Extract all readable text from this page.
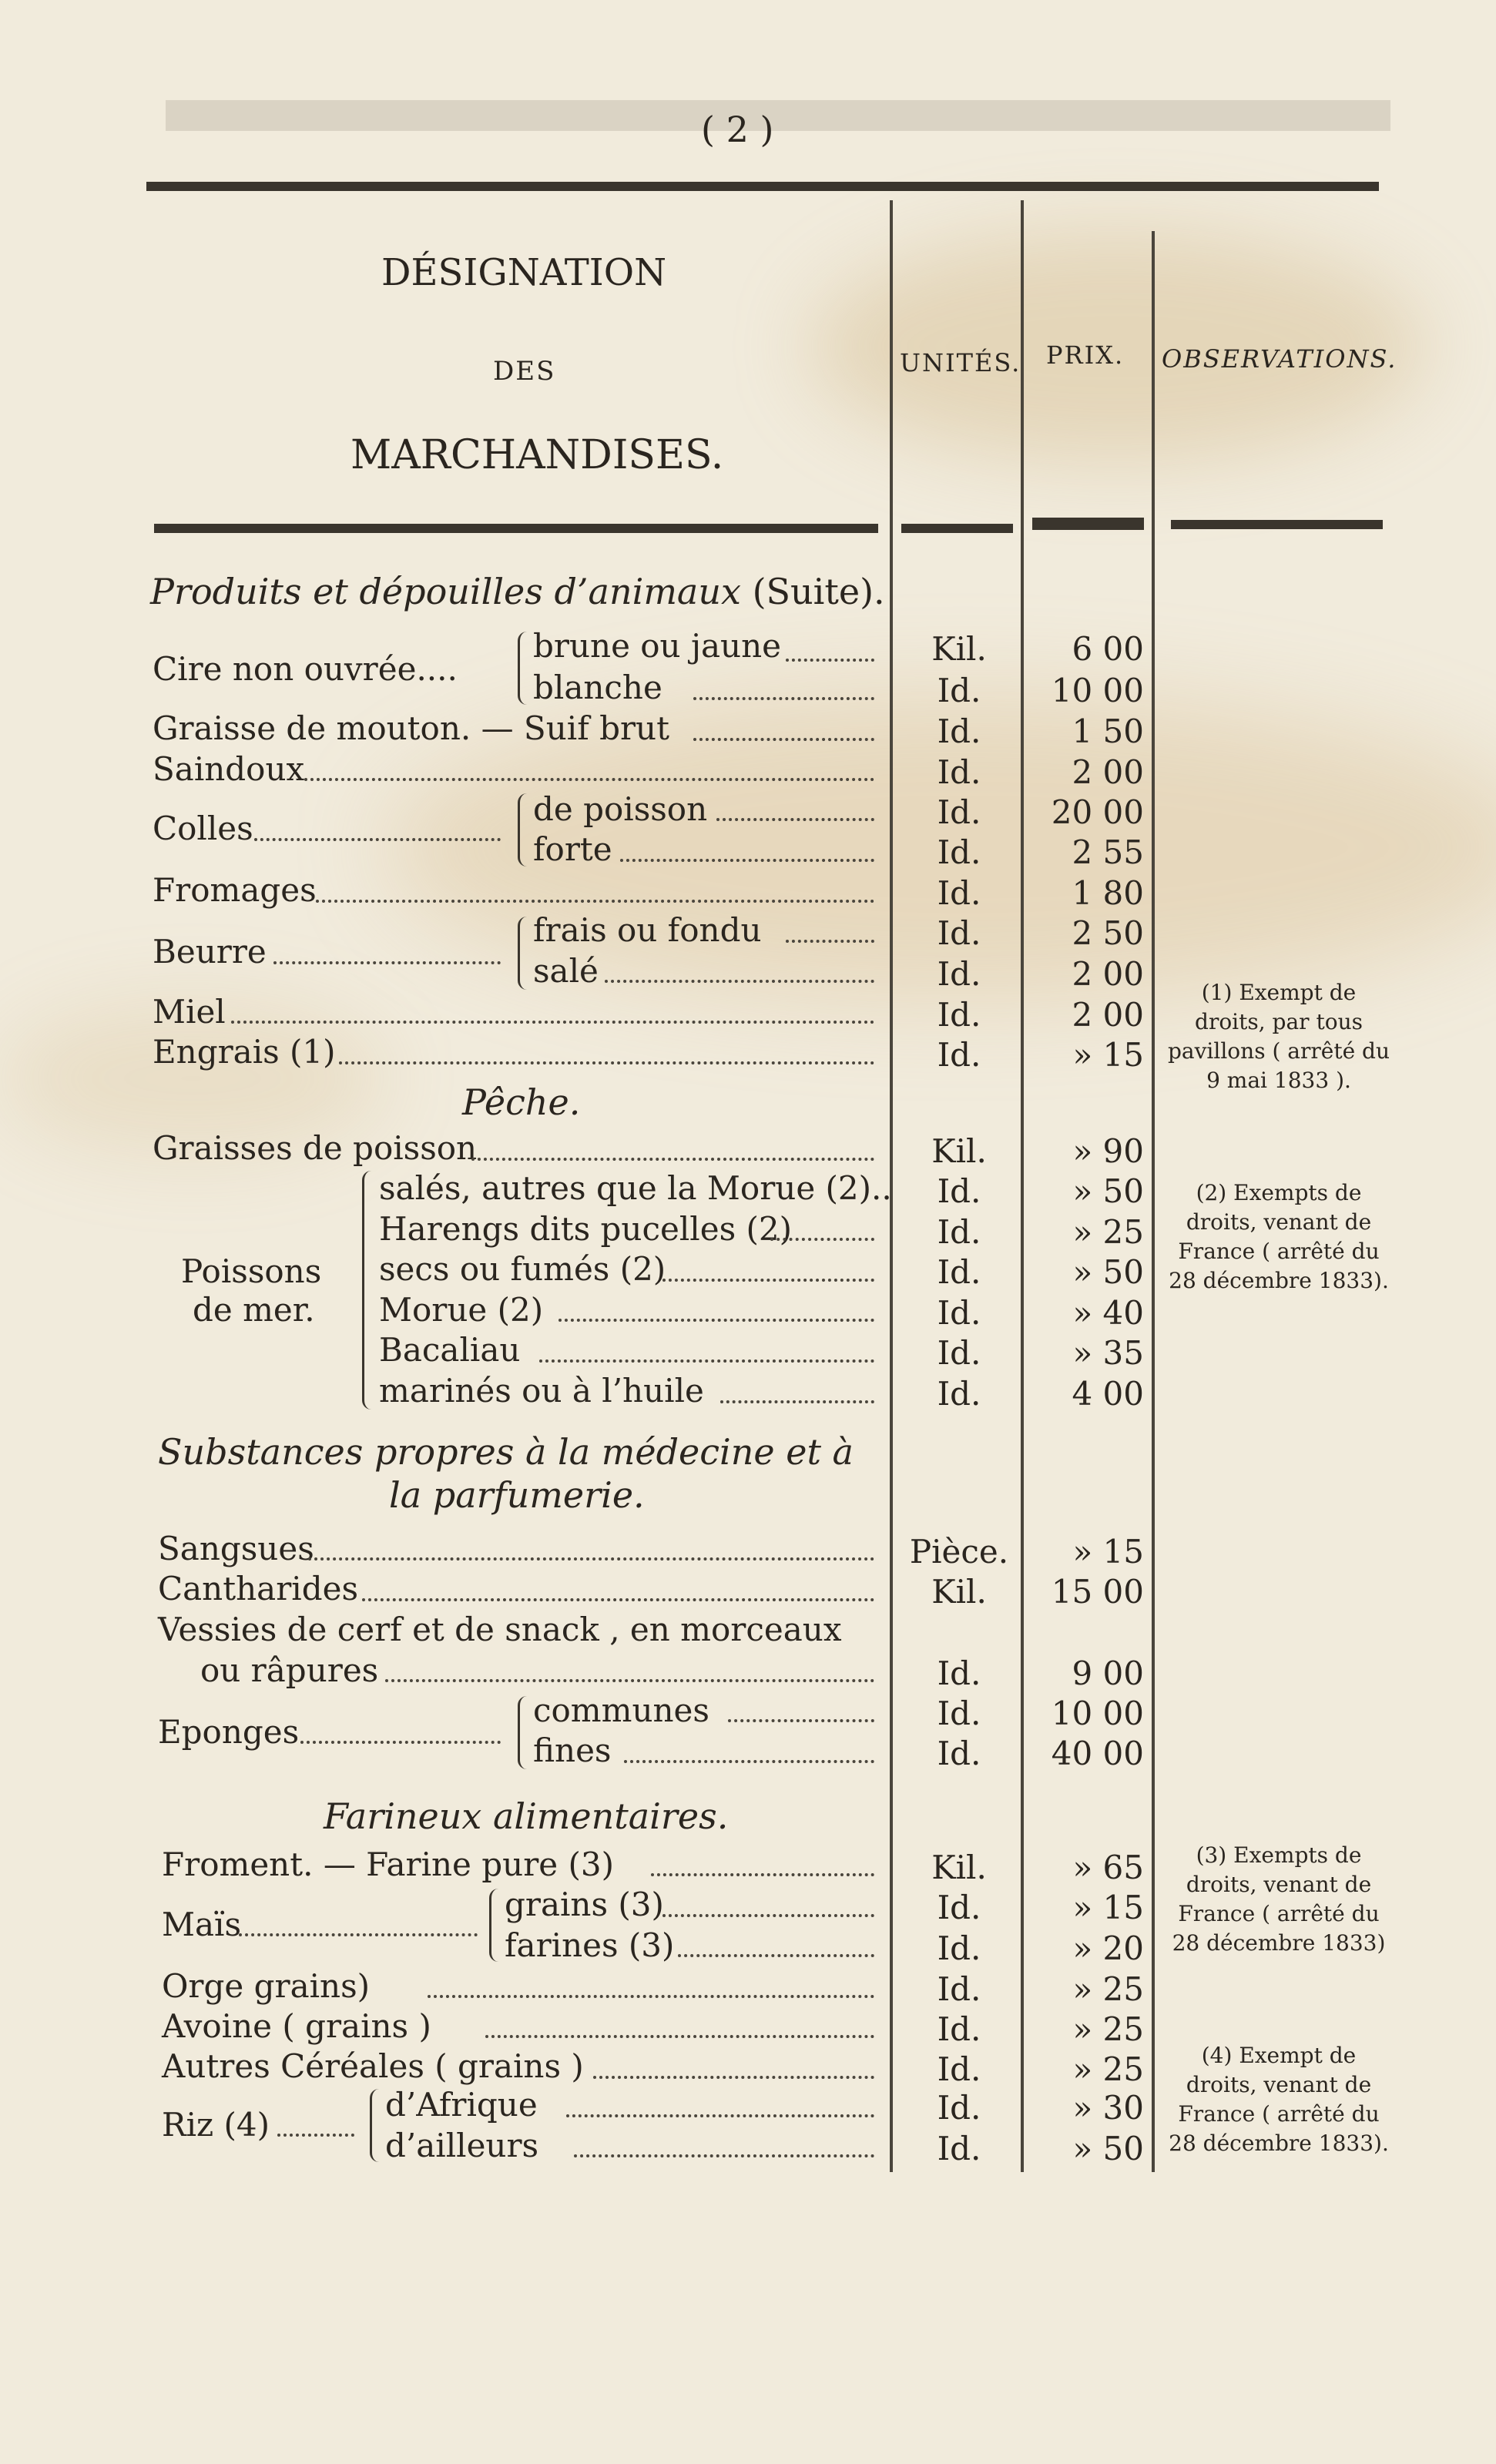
( 2 )
DÉSIGNATION
DES
MARCHANDISES.
UNITÉS. PRIX. OBSERVATIONS.
Produits et dépouilles d’animaux (Suite).
Cire non ouvrée....
brune ou jaune
blanche
Graisse de mouton. — Suif brut
Saindoux
Colles
de poisson
forte
Fromages
Beurre
frais ou fondu
salé
Miel
Engrais (1)
Pêche.
Graisses de poisson
Poissons
de mer.
salés, autres que la Morue (2)..
Harengs dits pucelles (2)
secs ou fumés (2)
Morue (2)
Bacaliau
marinés ou à l’huile
Substances propres à la médecine et à
la parfumerie.
Sangsues
Cantharides
Vessies de cerf et de snack , en morceaux
ou râpures
Eponges
communes
fines
Farineux alimentaires.
Froment. — Farine pure (3)
Maïs
grains (3)
farines (3)
Orge grains)
Avoine ( grains )
Autres Céréales ( grains )
Riz (4)
d’Afrique
d’ailleurs
Kil.
Id.
Id.
Id.
Id.
Id.
Id.
Id.
Id.
Id.
Id.
Kil.
Id.
Id.
Id.
Id.
Id.
Id.
Pièce.
Kil.
Id.
Id.
Id.
Kil.
Id.
Id.
Id.
Id.
Id.
Id.
Id.
6 00
10 00
1 50
2 00
20 00
2 55
1 80
2 50
2 00
2 00
» 15
» 90
» 50
» 25
» 50
» 40
» 35
4 00
» 15
15 00
9 00
10 00
40 00
» 65
» 15
» 20
» 25
» 25
» 25
» 30
» 50
(1) Exempt de droits, par tous pavillons ( arrêté du 9 mai 1833 ).
(2) Exempts de droits, venant de France ( arrêté du 28 décembre 1833).
(3) Exempts de droits, venant de France ( arrêté du 28 décembre 1833)
(4) Exempt de droits, venant de France ( arrêté du 28 décembre 1833).
